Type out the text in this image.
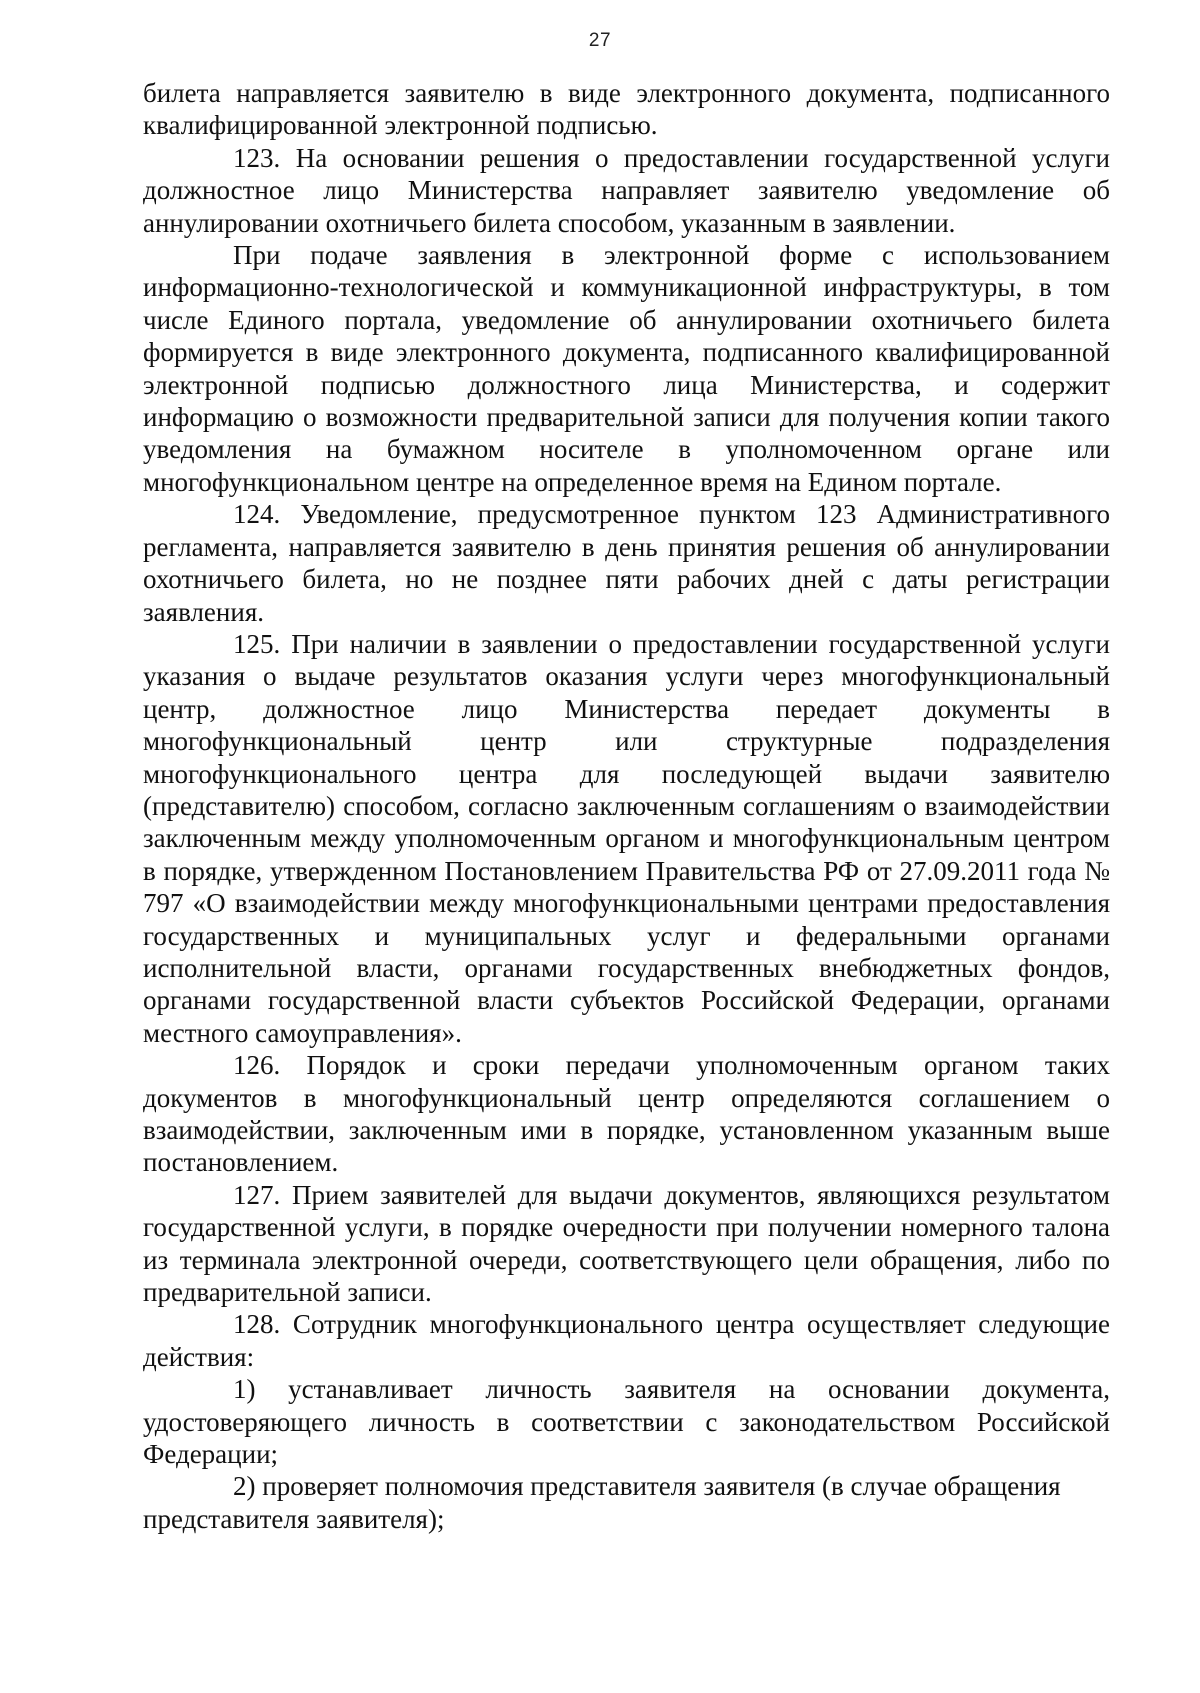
27

билета направляется заявителю в виде электронного документа, подписанного квалифицированной электронной подписью.

123. На основании решения о предоставлении государственной услуги должностное лицо Министерства направляет заявителю уведомление об аннулировании охотничьего билета способом, указанным в заявлении.

При подаче заявления в электронной форме с использованием информационно-технологической и коммуникационной инфраструктуры, в том числе Единого портала, уведомление об аннулировании охотничьего билета формируется в виде электронного документа, подписанного квалифицированной электронной подписью должностного лица Министерства, и содержит информацию о возможности предварительной записи для получения копии такого уведомления на бумажном носителе в уполномоченном органе или многофункциональном центре на определенное время на Едином портале.

124. Уведомление, предусмотренное пунктом 123 Административного регламента, направляется заявителю в день принятия решения об аннулировании охотничьего билета, но не позднее пяти рабочих дней с даты регистрации заявления.

125. При наличии в заявлении о предоставлении государственной услуги указания о выдаче результатов оказания услуги через многофункциональный центр, должностное лицо Министерства передает документы в многофункциональный центр или структурные подразделения многофункционального центра для последующей выдачи заявителю (представителю) способом, согласно заключенным соглашениям о взаимодействии заключенным между уполномоченным органом и многофункциональным центром в порядке, утвержденном Постановлением Правительства РФ от 27.09.2011 года № 797 «О взаимодействии между многофункциональными центрами предоставления государственных и муниципальных услуг и федеральными органами исполнительной власти, органами государственных внебюджетных фондов, органами государственной власти субъектов Российской Федерации, органами местного самоуправления».

126. Порядок и сроки передачи уполномоченным органом таких документов в многофункциональный центр определяются соглашением о взаимодействии, заключенным ими в порядке, установленном указанным выше постановлением.

127. Прием заявителей для выдачи документов, являющихся результатом государственной услуги, в порядке очередности при получении номерного талона из терминала электронной очереди, соответствующего цели обращения, либо по предварительной записи.

128. Сотрудник многофункционального центра осуществляет следующие действия:

1) устанавливает личность заявителя на основании документа, удостоверяющего личность в соответствии с законодательством Российской Федерации;

2) проверяет полномочия представителя заявителя (в случае обращения представителя заявителя);
